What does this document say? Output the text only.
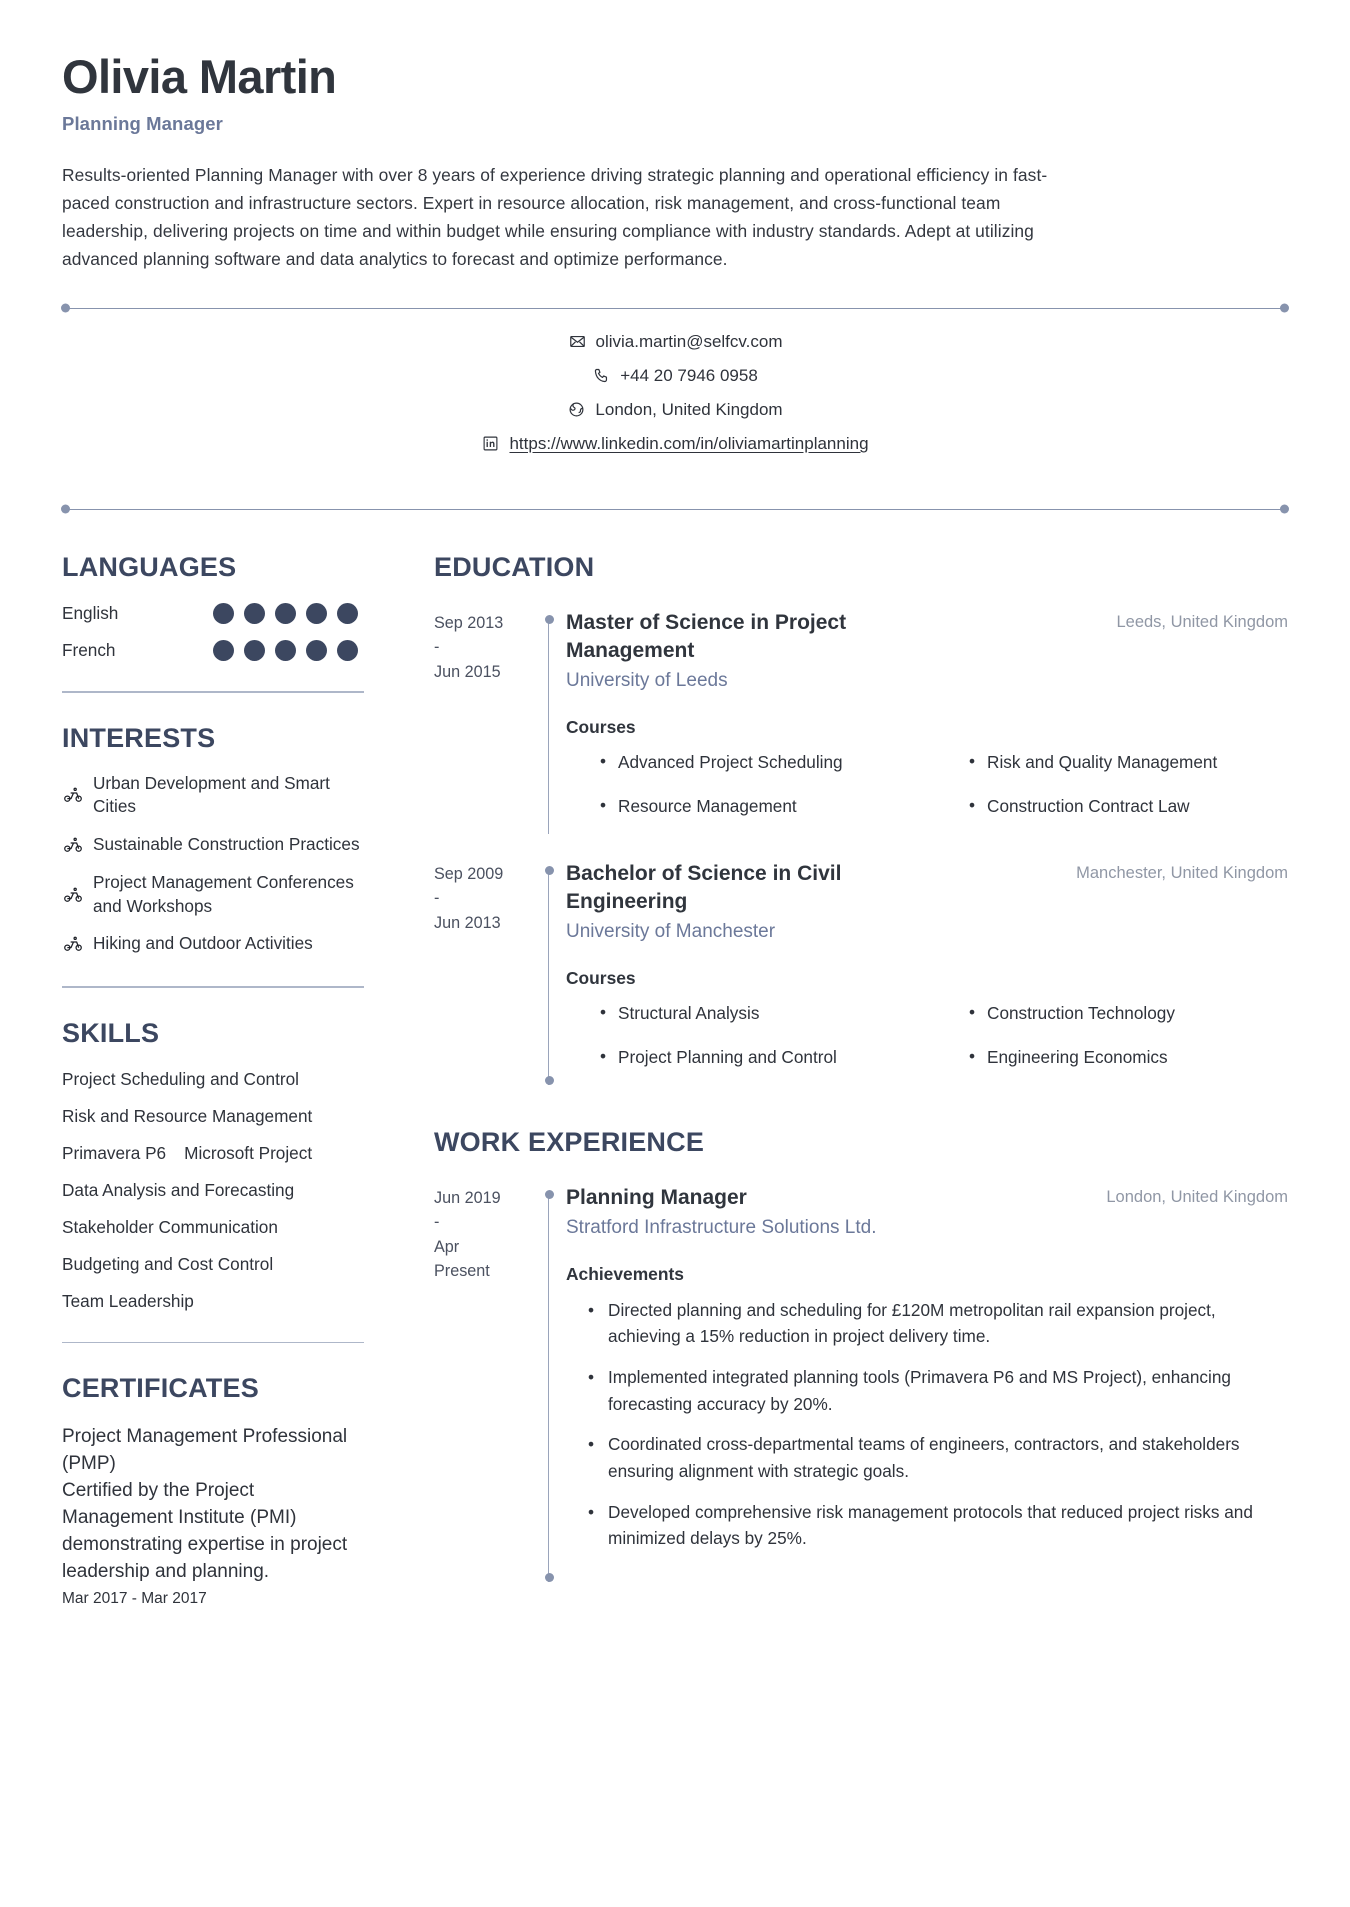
Olivia Martin
Planning Manager
Results-oriented Planning Manager with over 8 years of experience driving strategic planning and operational efficiency in fast-paced construction and infrastructure sectors. Expert in resource allocation, risk management, and cross-functional team leadership, delivering projects on time and within budget while ensuring compliance with industry standards. Adept at utilizing advanced planning software and data analytics to forecast and optimize performance.
olivia.martin@selfcv.com
+44 20 7946 0958
London, United Kingdom
https://www.linkedin.com/in/oliviamartinplanning
LANGUAGES
English
French
INTERESTS
Urban Development and Smart Cities
Sustainable Construction Practices
Project Management Conferences and Workshops
Hiking and Outdoor Activities
SKILLS
Project Scheduling and Control
Risk and Resource Management
Primavera P6 Microsoft Project
Data Analysis and Forecasting
Stakeholder Communication
Budgeting and Cost Control
Team Leadership
CERTIFICATES
Project Management Professional (PMP)
Certified by the Project Management Institute (PMI) demonstrating expertise in project leadership and planning.
Mar 2017 - Mar 2017
EDUCATION
Sep 2013
-
Jun 2015
Master of Science in Project Management
Leeds, United Kingdom
University of Leeds
Courses
• Advanced Project Scheduling	• Risk and Quality Management
• Resource Management	• Construction Contract Law
Sep 2009
-
Jun 2013
Bachelor of Science in Civil Engineering
Manchester, United Kingdom
University of Manchester
Courses
• Structural Analysis	• Construction Technology
• Project Planning and Control	• Engineering Economics
WORK EXPERIENCE
Jun 2019
-
Apr
Present
Planning Manager	London, United Kingdom
Stratford Infrastructure Solutions Ltd.
Achievements
• Directed planning and scheduling for £120M metropolitan rail expansion project, achieving a 15% reduction in project delivery time.
• Implemented integrated planning tools (Primavera P6 and MS Project), enhancing forecasting accuracy by 20%.
• Coordinated cross-departmental teams of engineers, contractors, and stakeholders ensuring alignment with strategic goals.
• Developed comprehensive risk management protocols that reduced project risks and minimized delays by 25%.
